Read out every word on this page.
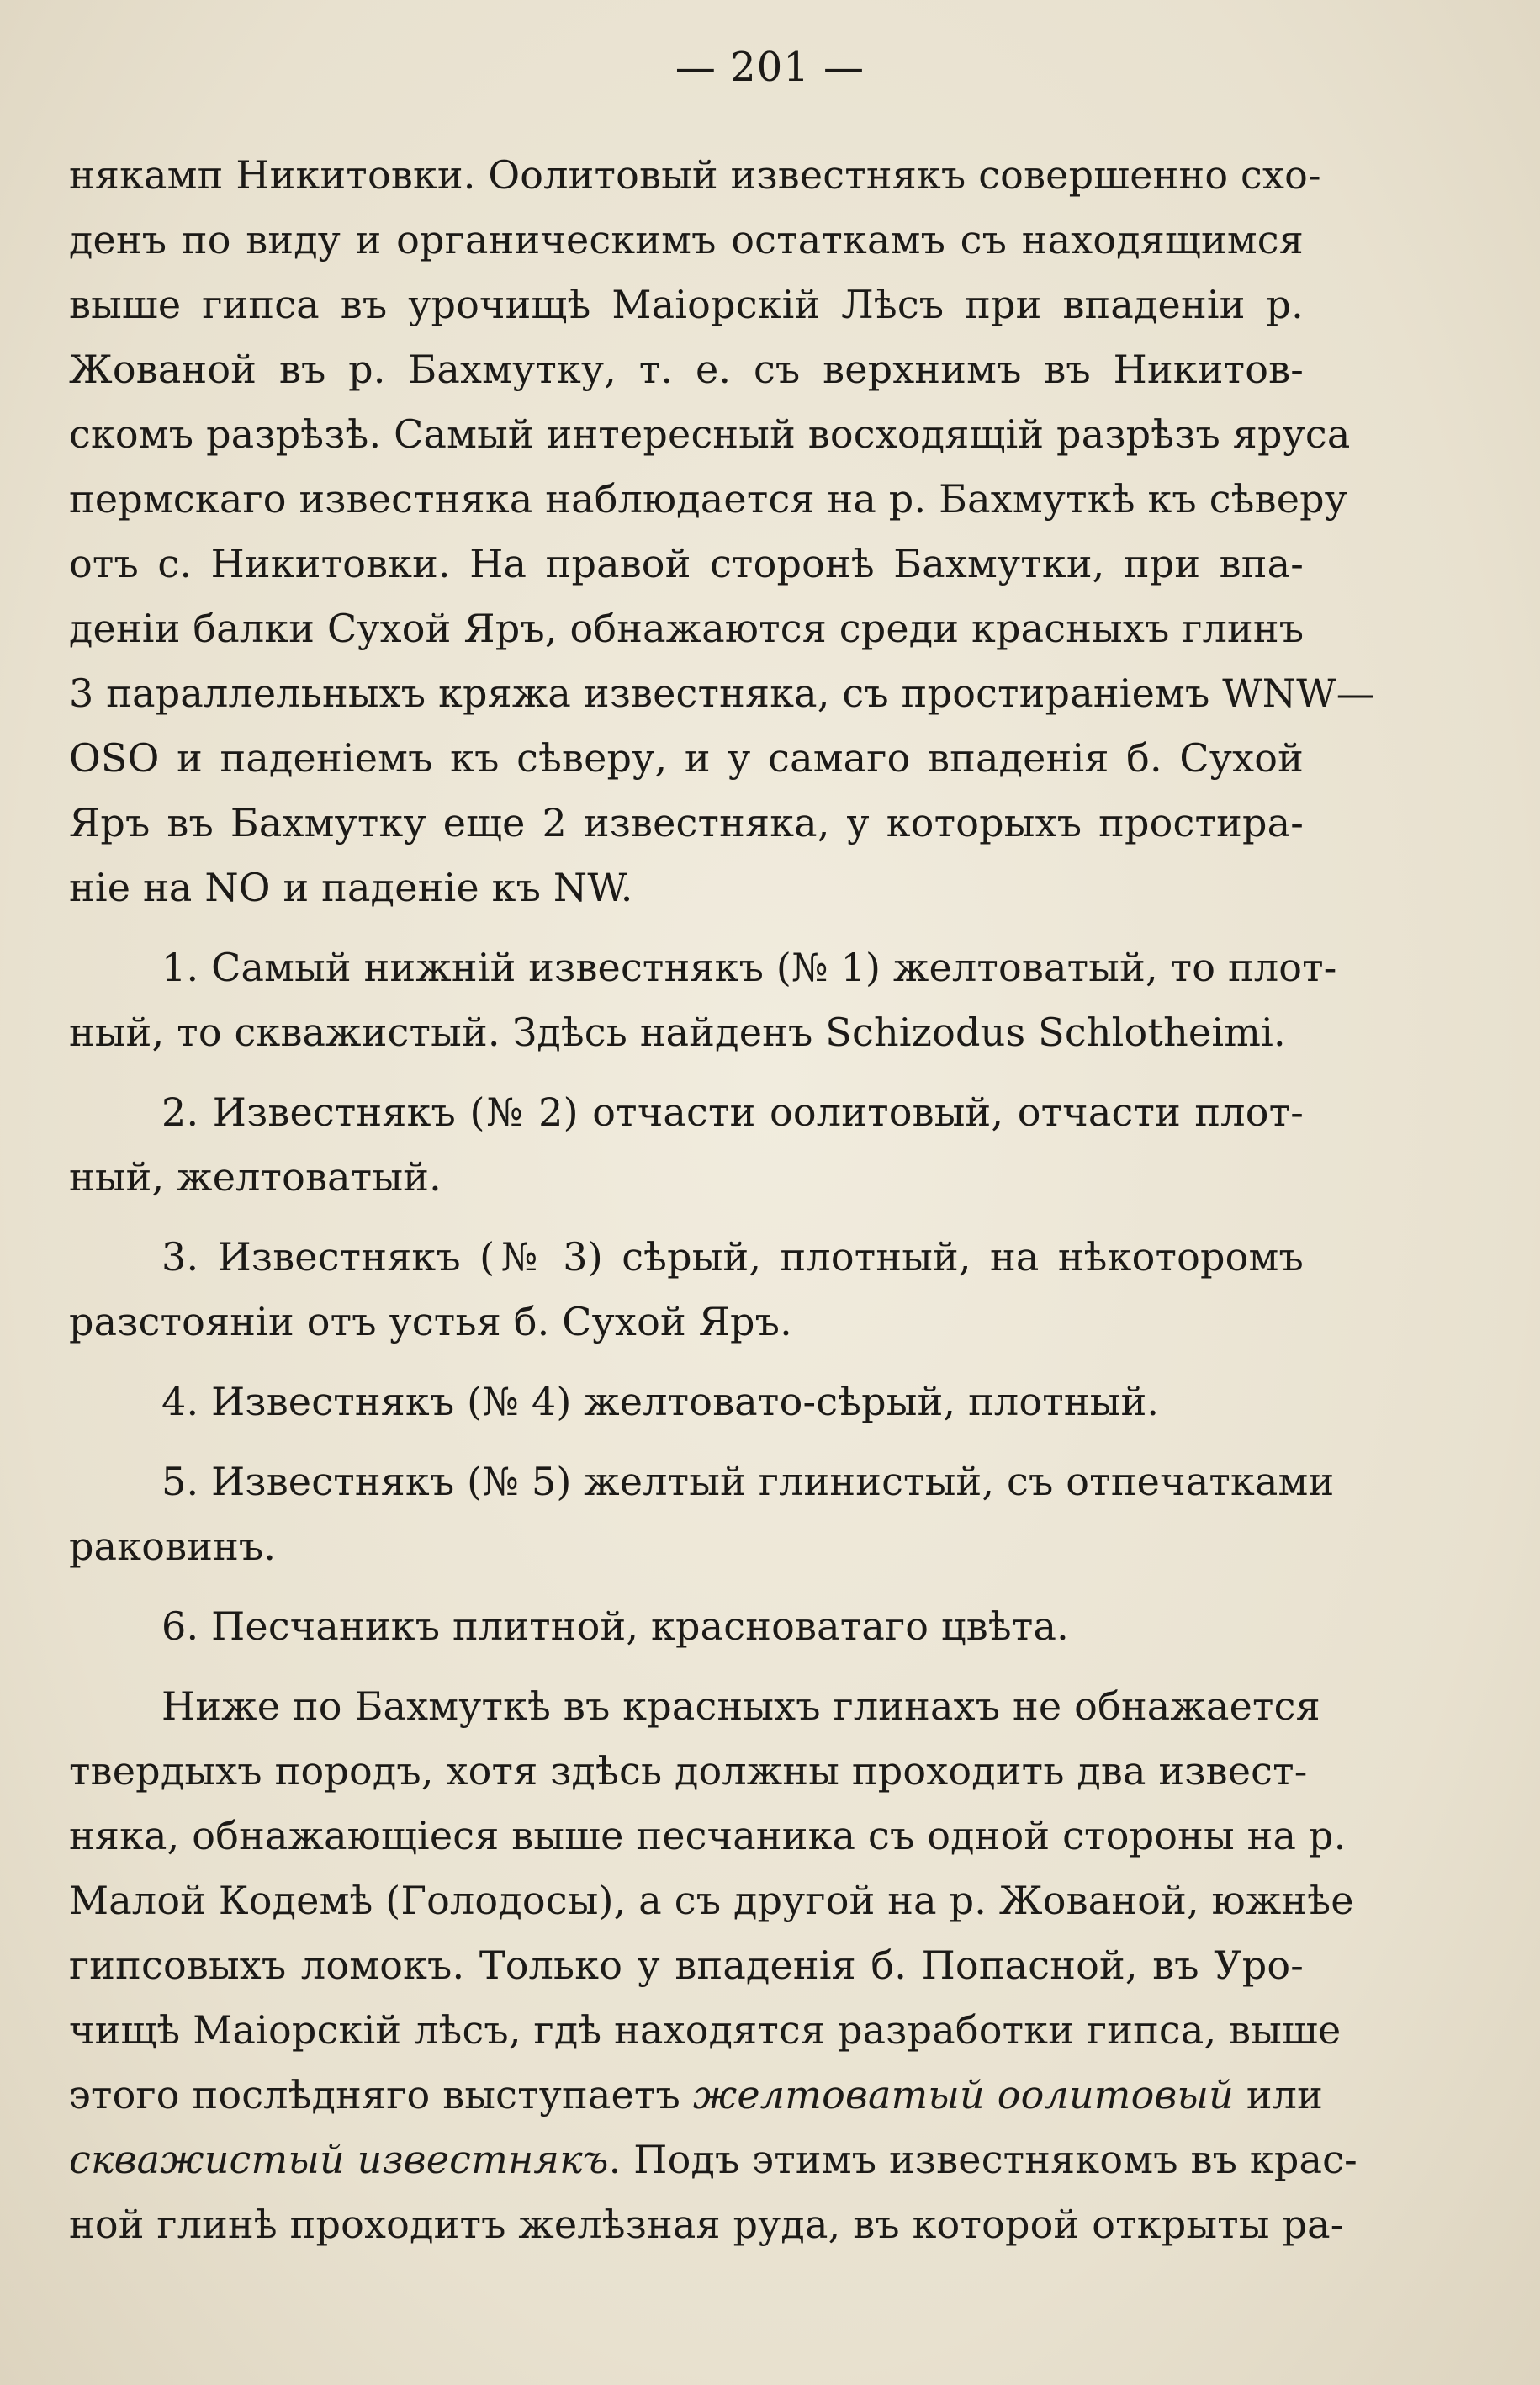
— 201 —
някамп Никитовки. Оолитовый известнякъ совершенно схо-
денъ по виду и органическимъ остаткамъ съ находящимся
выше гипса въ урочищѣ Маіорскій Лѣсъ при впаденіи р.
Жованой въ р. Бахмутку, т. е. съ верхнимъ въ Никитов-
скомъ разрѣзѣ. Самый интересный восходящій разрѣзъ яруса
пермскаго известняка наблюдается на р. Бахмуткѣ къ сѣверу
отъ с. Никитовки. На правой сторонѣ Бахмутки, при впа-
деніи балки Сухой Яръ, обнажаются среди красныхъ глинъ
3 параллельныхъ кряжа известняка, съ простираніемъ WNW—
OSO и паденіемъ къ сѣверу, и у самаго впаденія б. Сухой
Яръ въ Бахмутку еще 2 известняка, у которыхъ простира-
ніе на NO и паденіе къ NW.
1. Самый нижній известнякъ (№ 1) желтоватый, то плот-
ный, то скважистый. Здѣсь найденъ Schizodus Schlotheimi.
2. Известнякъ (№ 2) отчасти оолитовый, отчасти плот-
ный, желтоватый.
3. Известнякъ (№ 3) сѣрый, плотный, на нѣкоторомъ
разстояніи отъ устья б. Сухой Яръ.
4. Известнякъ (№ 4) желтовато-сѣрый, плотный.
5. Известнякъ (№ 5) желтый глинистый, съ отпечатками
раковинъ.
6. Песчаникъ плитной, красноватаго цвѣта.
Ниже по Бахмуткѣ въ красныхъ глинахъ не обнажается
твердыхъ породъ, хотя здѣсь должны проходить два извест-
няка, обнажающіеся выше песчаника съ одной стороны на р.
Малой Кодемѣ (Голодосы), а съ другой на р. Жованой, южнѣе
гипсовыхъ ломокъ. Только у впаденія б. Попасной, въ Уро-
чищѣ Маіорскій лѣсъ, гдѣ находятся разработки гипса, выше
этого послѣдняго выступаетъ желтоватый оолитовый или
скважистый известнякъ. Подъ этимъ известнякомъ въ крас-
ной глинѣ проходитъ желѣзная руда, въ которой открыты ра-
